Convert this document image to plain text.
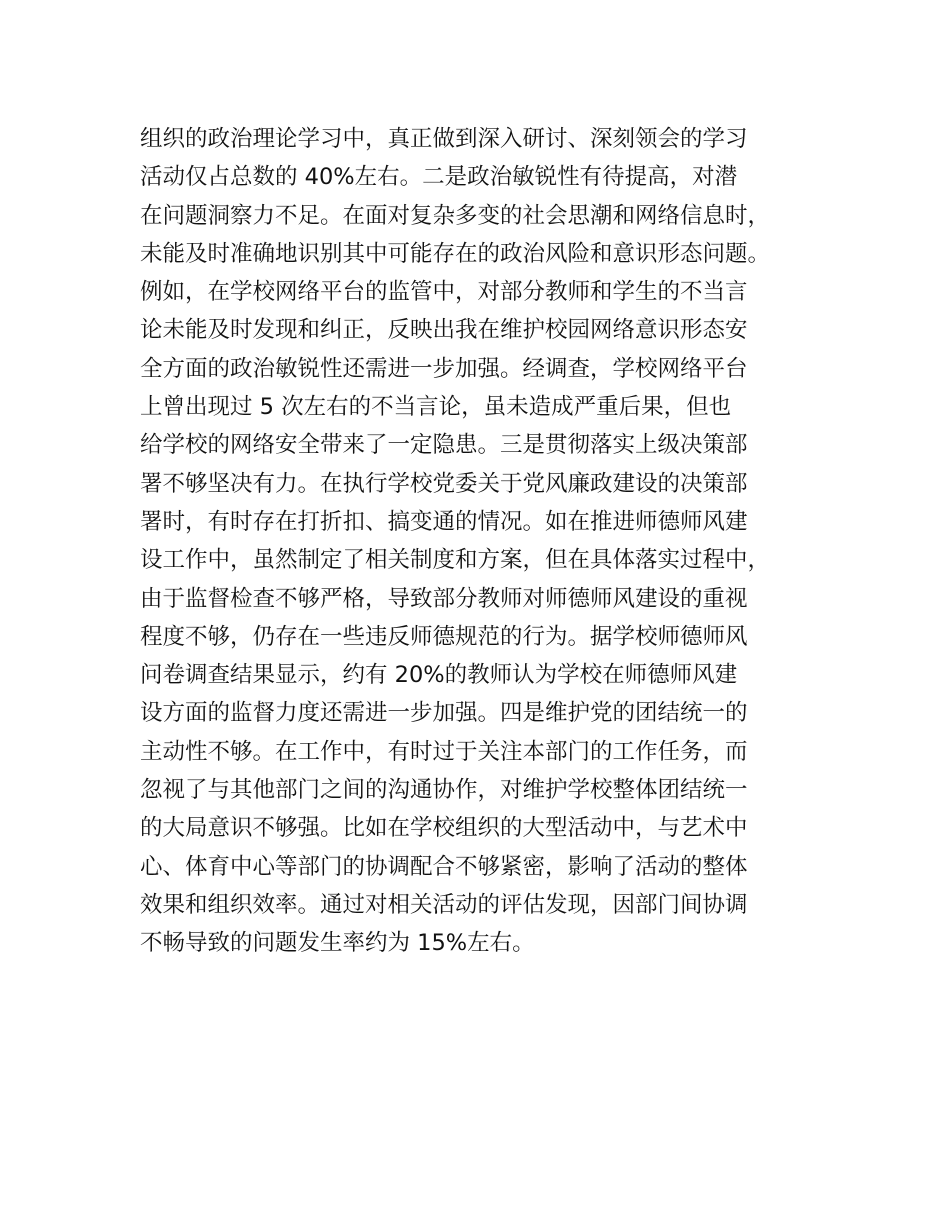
组织的政治理论学习中，真正做到深入研讨、深刻领会的学习
活动仅占总数的 40%左右。二是政治敏锐性有待提高，对潜
在问题洞察力不足。在面对复杂多变的社会思潮和网络信息时，
未能及时准确地识别其中可能存在的政治风险和意识形态问题。
例如，在学校网络平台的监管中，对部分教师和学生的不当言
论未能及时发现和纠正，反映出我在维护校园网络意识形态安
全方面的政治敏锐性还需进一步加强。经调查，学校网络平台
上曾出现过 5 次左右的不当言论，虽未造成严重后果，但也
给学校的网络安全带来了一定隐患。三是贯彻落实上级决策部
署不够坚决有力。在执行学校党委关于党风廉政建设的决策部
署时，有时存在打折扣、搞变通的情况。如在推进师德师风建
设工作中，虽然制定了相关制度和方案，但在具体落实过程中，
由于监督检查不够严格，导致部分教师对师德师风建设的重视
程度不够，仍存在一些违反师德规范的行为。据学校师德师风
问卷调查结果显示，约有 20%的教师认为学校在师德师风建
设方面的监督力度还需进一步加强。四是维护党的团结统一的
主动性不够。在工作中，有时过于关注本部门的工作任务，而
忽视了与其他部门之间的沟通协作，对维护学校整体团结统一
的大局意识不够强。比如在学校组织的大型活动中，与艺术中
心、体育中心等部门的协调配合不够紧密，影响了活动的整体
效果和组织效率。通过对相关活动的评估发现，因部门间协调
不畅导致的问题发生率约为 15%左右。
